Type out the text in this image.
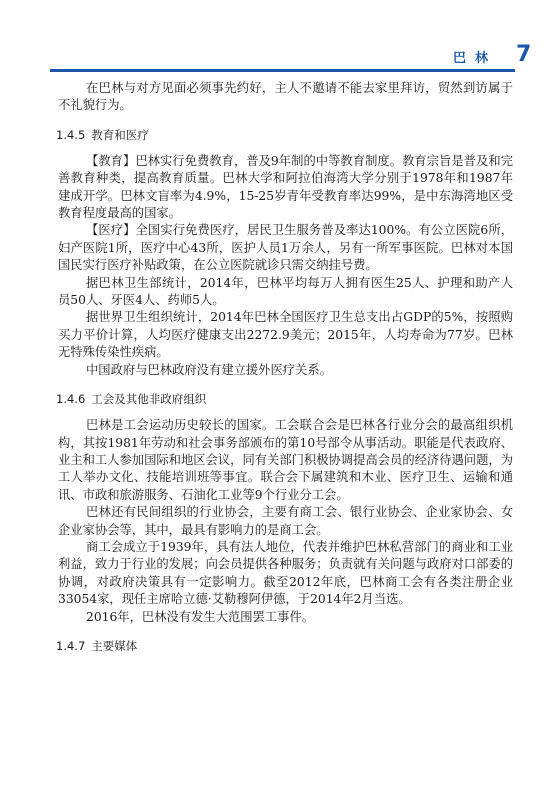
巴林 7

在巴林与对方见面必须事先约好，主人不邀请不能去家里拜访，贸然到访属于不礼貌行为。

1.4.5 教育和医疗

【教育】巴林实行免费教育，普及9年制的中等教育制度。教育宗旨是普及和完善教育种类，提高教育质量。巴林大学和阿拉伯海湾大学分别于1978年和1987年建成开学。巴林文盲率为4.9%，15-25岁青年受教育率达99%，是中东海湾地区受教育程度最高的国家。

【医疗】全国实行免费医疗，居民卫生服务普及率达100%。有公立医院6所，妇产医院1所，医疗中心43所，医护人员1万余人，另有一所军事医院。巴林对本国国民实行医疗补贴政策，在公立医院就诊只需交纳挂号费。

据巴林卫生部统计，2014年，巴林平均每万人拥有医生25人、护理和助产人员50人、牙医4人、药师5人。

据世界卫生组织统计，2014年巴林全国医疗卫生总支出占GDP的5%，按照购买力平价计算，人均医疗健康支出2272.9美元；2015年，人均寿命为77岁。巴林无特殊传染性疾病。

中国政府与巴林政府没有建立援外医疗关系。

1.4.6 工会及其他非政府组织

巴林是工会运动历史较长的国家。工会联合会是巴林各行业分会的最高组织机构，其按1981年劳动和社会事务部颁布的第10号部令从事活动。职能是代表政府、业主和工人参加国际和地区会议，同有关部门积极协调提高会员的经济待遇问题，为工人举办文化、技能培训班等事宜。联合会下属建筑和木业、医疗卫生、运输和通讯、市政和旅游服务、石油化工业等9个行业分工会。

巴林还有民间组织的行业协会，主要有商工会、银行业协会、企业家协会、女企业家协会等，其中，最具有影响力的是商工会。

商工会成立于1939年，具有法人地位，代表并维护巴林私营部门的商业和工业利益，致力于行业的发展；向会员提供各种服务；负责就有关问题与政府对口部委的协调，对政府决策具有一定影响力。截至2012年底，巴林商工会有各类注册企业33054家，现任主席哈立德·艾勒穆阿伊德，于2014年2月当选。

2016年，巴林没有发生大范围罢工事件。

1.4.7 主要媒体
